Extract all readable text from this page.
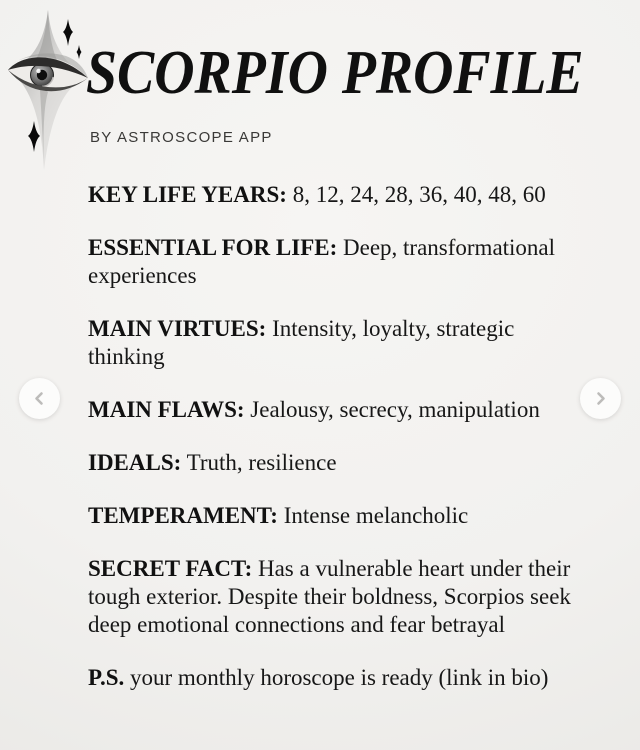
SCORPIO PROFILE
BY ASTROSCOPE APP

KEY LIFE YEARS: 8, 12, 24, 28, 36, 40, 48, 60

ESSENTIAL FOR LIFE: Deep, transformational experiences

MAIN VIRTUES: Intensity, loyalty, strategic thinking

MAIN FLAWS: Jealousy, secrecy, manipulation

IDEALS: Truth, resilience

TEMPERAMENT: Intense melancholic

SECRET FACT: Has a vulnerable heart under their tough exterior. Despite their boldness, Scorpios seek deep emotional connections and fear betrayal

P.S. your monthly horoscope is ready (link in bio)
